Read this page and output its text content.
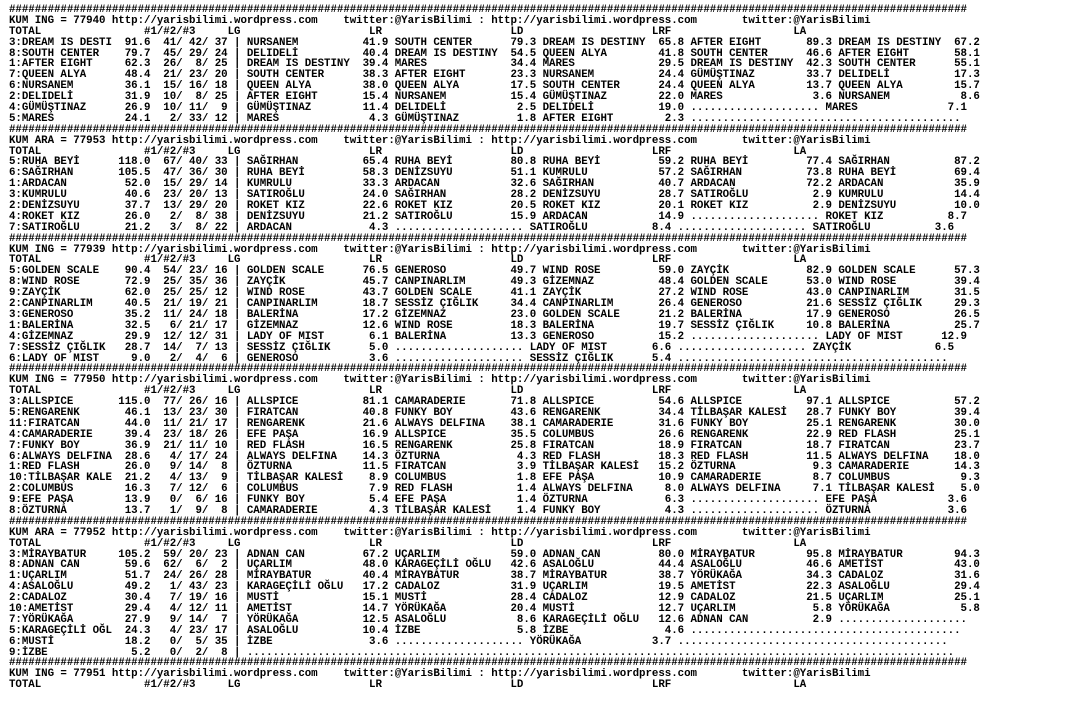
#####################################################################################################################################################
KUM ING = 77940 http://yarisbilimi.wordpress.com    twitter:@YarisBilimi : http://yarisbilimi.wordpress.com       twitter:@YarisBilimi
TOTAL                #1/#2/#3     LG                    LR                    LD                    LRF                   LA
3:DREAM IS DESTI  91.6  41/ 42/ 37 | NURSANEM          41.9 SOUTH CENTER      79.3 DREAM IS DESTINY  65.8 AFTER EIGHT       89.3 DREAM IS DESTINY  67.2
8:SOUTH CENTER    79.7  45/ 29/ 24 | DELIDELİ          40.4 DREAM IS DESTINY  54.5 QUEEN ALYA        41.8 SOUTH CENTER      46.6 AFTER EIGHT       58.1
1:AFTER EIGHT     62.3  26/  8/ 25 | DREAM IS DESTINY  39.4 MARES             34.4 MARES             29.5 DREAM IS DESTINY  42.3 SOUTH CENTER      55.1
7:QUEEN ALYA      48.4  21/ 23/ 20 | SOUTH CENTER      38.3 AFTER EIGHT       23.3 NURSANEM          24.4 GÜMÜŞTINAZ        33.7 DELIDELİ          17.3
6:NURSANEM        36.1  15/ 16/ 18 | QUEEN ALYA        38.0 QUEEN ALYA        17.5 SOUTH CENTER      24.4 QUEEN ALYA        13.7 QUEEN ALYA        15.7
2:DELIDELİ        31.9  10/  8/ 25 | AFTER EIGHT       15.4 NURSANEM          15.4 GÜMÜŞTINAZ        22.0 MARES              3.6 NURSANEM           8.6
4:GÜMÜŞTINAZ      26.9  10/ 11/  9 | GÜMÜŞTINAZ        11.4 DELIDELİ           2.5 DELIDELİ          19.0 .................... MARES              7.1
5:MARES           24.1   2/ 33/ 12 | MARES              4.3 GÜMÜŞTINAZ         1.8 AFTER EIGHT        2.3 ..........................................
#####################################################################################################################################################
KUM ARA = 77953 http://yarisbilimi.wordpress.com    twitter:@YarisBilimi : http://yarisbilimi.wordpress.com       twitter:@YarisBilimi
TOTAL                #1/#2/#3     LG                    LR                    LD                    LRF                   LA
5:RUHA BEYİ      118.0  67/ 40/ 33 | SAĞIRHAN          65.4 RUHA BEYİ         80.8 RUHA BEYİ         59.2 RUHA BEYİ         77.4 SAĞIRHAN          87.2
6:SAĞIRHAN       105.5  47/ 36/ 30 | RUHA BEYİ         58.3 DENİZSUYU         51.1 KUMRULU           57.2 SAĞIRHAN          73.8 RUHA BEYİ         69.4
1:ARDACAN         52.0  15/ 29/ 14 | KUMRULU           33.3 ARDACAN           32.6 SAĞIRHAN          40.7 ARDACAN           72.2 ARDACAN           35.9
3:KUMRULU         40.6  23/ 20/ 13 | SATIROĞLU         24.0 SAĞIRHAN          28.2 DENİZSUYU         28.7 SATIROĞLU          2.9 KUMRULU           14.4
2:DENİZSUYU       37.7  13/ 29/ 20 | ROKET KIZ         22.6 ROKET KIZ         20.5 ROKET KIZ         20.1 ROKET KIZ          2.9 DENİZSUYU         10.0
4:ROKET KIZ       26.0   2/  8/ 38 | DENİZSUYU         21.2 SATIROĞLU         15.9 ARDACAN           14.9 .................... ROKET KIZ          8.7
7:SATIROĞLU       21.2   3/  8/ 22 | ARDACAN            4.3 .................... SATIROĞLU          8.4 .................... SATIROĞLU          3.6
#####################################################################################################################################################
KUM ING = 77939 http://yarisbilimi.wordpress.com    twitter:@YarisBilimi : http://yarisbilimi.wordpress.com       twitter:@YarisBilimi
TOTAL                #1/#2/#3     LG                    LR                    LD                    LRF                   LA
5:GOLDEN SCALE    90.4  54/ 23/ 16 | GOLDEN SCALE      76.5 GENEROSO          49.7 WIND ROSE         59.0 ZAYÇİK            82.9 GOLDEN SCALE      57.3
8:WIND ROSE       72.9  25/ 35/ 36 | ZAYÇİK            45.7 CANPINARLIM       49.3 GİZEMNAZ          48.4 GOLDEN SCALE      53.0 WIND ROSE         39.4
9:ZAYÇİK          62.0  25/ 25/ 12 | WIND ROSE         43.7 GOLDEN SCALE      41.1 ZAYÇİK            27.2 WIND ROSE         43.0 CANPINARLIM       31.5
2:CANPINARLIM     40.5  21/ 19/ 21 | CANPINARLIM       18.7 SESSİZ ÇIĞLIK     34.4 CANPINARLIM       26.4 GENEROSO          21.6 SESSİZ ÇIĞLIK     29.3
3:GENEROSO        35.2  11/ 24/ 18 | BALERİNA          17.2 GİZEMNAZ          23.0 GOLDEN SCALE      21.2 BALERİNA          17.9 GENEROSO          26.5
1:BALERİNA        32.5   6/ 21/ 17 | GİZEMNAZ          12.6 WIND ROSE         18.3 BALERİNA          19.7 SESSİZ ÇIĞLIK     10.8 BALERİNA          25.7
4:GİZEMNAZ        29.9  12/ 12/ 31 | LADY OF MIST       6.1 BALERİNA          13.3 GENEROSO          15.2 .................... LADY OF MIST      12.9
7:SESSİZ ÇIĞLIK   28.7  14/  7/ 13 | SESSİZ ÇIĞLIK      5.0 .................... LADY OF MIST       6.6 .................... ZAYÇİK             6.5
6:LADY OF MIST     9.0   2/  4/  6 | GENEROSO           3.6 .................... SESSİZ ÇIĞLIK      5.4 ..........................................
#####################################################################################################################################################
KUM ING = 77950 http://yarisbilimi.wordpress.com    twitter:@YarisBilimi : http://yarisbilimi.wordpress.com       twitter:@YarisBilimi
TOTAL                #1/#2/#3     LG                    LR                    LD                    LRF                   LA
3:ALLSPICE       115.0  77/ 26/ 16 | ALLSPICE          81.1 CAMARADERIE       71.8 ALLSPICE          54.6 ALLSPICE          97.1 ALLSPICE          57.2
5:RENGARENK       46.1  13/ 23/ 30 | FIRATCAN          40.8 FUNKY BOY         43.6 RENGARENK         34.4 TİLBAŞAR KALESİ   28.7 FUNKY BOY         39.4
11:FIRATCAN       44.0  11/ 21/ 17 | RENGARENK         21.6 ALWAYS DELFINA    38.1 CAMARADERIE       31.6 FUNKY BOY         25.1 RENGARENK         30.0
4:CAMARADERIE     39.4  23/ 18/ 26 | EFE PAŞA          16.9 ALLSPICE          35.5 COLUMBUS          26.6 RENGARENK         22.9 RED FLASH         25.1
7:FUNKY BOY       36.9  21/ 11/ 10 | RED FLASH         16.5 RENGARENK         25.8 FIRATCAN          18.9 FIRATCAN          18.7 FIRATCAN          23.7
6:ALWAYS DELFINA  28.6   4/ 17/ 24 | ALWAYS DELFINA    14.3 ÖZTURNA            4.3 RED FLASH         18.3 RED FLASH         11.5 ALWAYS DELFINA    18.0
1:RED FLASH       26.0   9/ 14/  8 | ÖZTURNA           11.5 FIRATCAN           3.9 TİLBAŞAR KALESİ   15.2 ÖZTURNA            9.3 CAMARADERIE       14.3
10:TİLBAŞAR KALE  21.2   4/ 13/  9 | TİLBAŞAR KALESİ    8.9 COLUMBUS           1.8 EFE PAŞA          10.9 CAMARADERIE        8.7 COLUMBUS           9.3
2:COLUMBUS        16.3   7/ 12/  6 | COLUMBUS           7.9 RED FLASH          1.4 ALWAYS DELFINA     8.0 ALWAYS DELFINA     7.1 TİLBAŞAR KALESİ    5.0
9:EFE PAŞA        13.9   0/  6/ 16 | FUNKY BOY          5.4 EFE PAŞA           1.4 ÖZTURNA            6.3 .................... EFE PAŞA           3.6
8:ÖZTURNA         13.7   1/  9/  8 | CAMARADERIE        4.3 TİLBAŞAR KALESİ    1.4 FUNKY BOY          4.3 .................... ÖZTURNA            3.6
#####################################################################################################################################################
KUM ARA = 77952 http://yarisbilimi.wordpress.com    twitter:@YarisBilimi : http://yarisbilimi.wordpress.com       twitter:@YarisBilimi
TOTAL                #1/#2/#3     LG                    LR                    LD                    LRF                   LA
3:MİRAYBATUR     105.2  59/ 20/ 23 | ADNAN CAN         67.2 UÇARLIM           59.0 ADNAN CAN         80.0 MİRAYBATUR        95.8 MİRAYBATUR        94.3
8:ADNAN CAN       59.6  62/  6/  2 | UÇARLIM           48.0 KARAGEÇİLİ OĞLU   42.6 ASALOĞLU          44.4 ASALOĞLU          46.6 AMETİST           43.0
1:UÇARLIM         51.7  24/ 26/ 28 | MİRAYBATUR        40.4 MİRAYBATUR        38.7 MİRAYBATUR        38.7 YÖRÜKAĞA          34.3 CADALOZ           31.6
4:ASALOĞLU        49.2   1/ 43/ 23 | KARAGEÇİLİ OĞLU   17.2 CADALOZ           31.9 UÇARLIM           19.5 AMETİST           22.3 ASALOĞLU          29.4
2:CADALOZ         30.4   7/ 19/ 16 | MUSTİ             15.1 MUSTİ             28.4 CADALOZ           12.9 CADALOZ           21.5 UÇARLIM           25.1
10:AMETİST        29.4   4/ 12/ 11 | AMETİST           14.7 YÖRÜKAĞA          20.4 MUSTİ             12.7 UÇARLIM            5.8 YÖRÜKAĞA           5.8
7:YÖRÜKAĞA        27.9   9/ 14/  7 | YÖRÜKAĞA          12.5 ASALOĞLU           8.6 KARAGEÇİLİ OĞLU   12.6 ADNAN CAN          2.9 ....................
5:KARAGEÇİLİ OĞL  24.3   4/ 23/ 17 | ASALOĞLU          10.4 İZBE               5.8 İZBE               4.6 ..........................................
6:MUSTİ           18.2   0/  5/ 35 | İZBE               3.6 .................... YÖRÜKAĞA           3.7 ..........................................
9:İZBE             5.2   0/  2/  8 | ..............................................................................................................
#####################################################################################################################################################
KUM ING = 77951 http://yarisbilimi.wordpress.com    twitter:@YarisBilimi : http://yarisbilimi.wordpress.com       twitter:@YarisBilimi
TOTAL                #1/#2/#3     LG                    LR                    LD                    LRF                   LA
